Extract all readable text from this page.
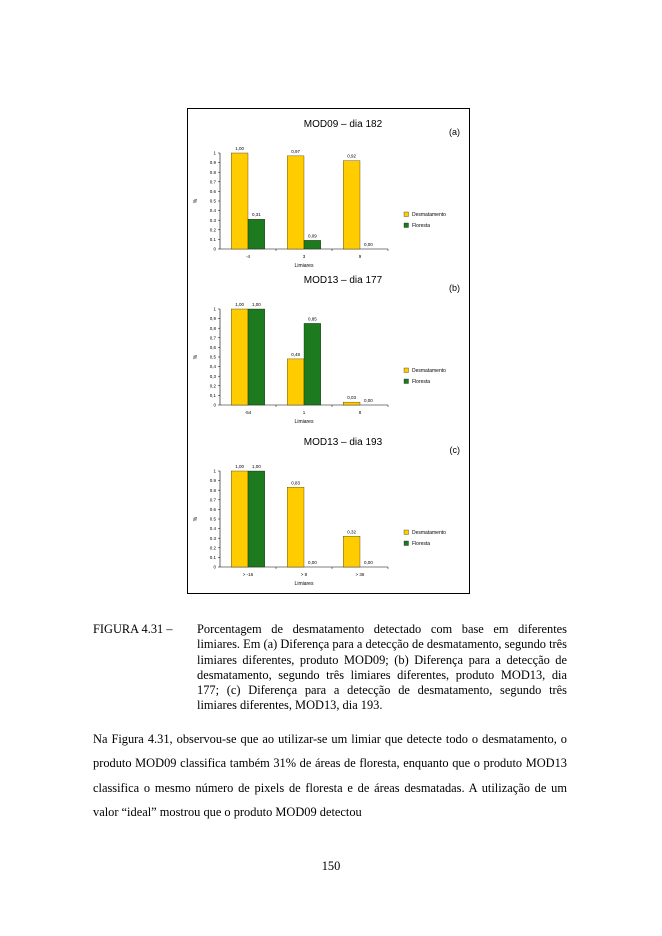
MOD09 – dia 182
(a)
0
0.1
0.2
0.3
0.4
0.5
0.6
0.7
0.8
0.9
1
%
-4
1,00
0,31
3
0,97
0,09
9
0,92
0,00
Limiares
Desmatamento
Floresta
MOD13 – dia 177
(b)
0
0,1
0,2
0,3
0,4
0,5
0,6
0,7
0,8
0,9
1
%
-54
1,00 1,00
1
0,48
0,85
8
0,03
0,00
Limiares
Desmatamento
Floresta
MOD13 – dia 193
(c)
0
0.1
0.2
0.3
0.4
0.5
0.6
0.7
0.8
0.9
1
%
> -16
1,00 1,00
> 8
0,83
0,00
> 36
0,32
0,00
Limiares
Desmatamento
Floresta
FIGURA 4.31 – Porcentagem de desmatamento detectado com base em diferentes limiares. Em (a) Diferença para a detecção de desmatamento, segundo três limiares diferentes, produto MOD09; (b) Diferença para a detecção de desmatamento, segundo três limiares diferentes, produto MOD13, dia 177; (c) Diferença para a detecção de desmatamento, segundo três limiares diferentes, MOD13, dia 193.
Na Figura 4.31, observou-se que ao utilizar-se um limiar que detecte todo o desmatamento, o produto MOD09 classifica também 31% de áreas de floresta, enquanto que o produto MOD13 classifica o mesmo número de pixels de floresta e de áreas desmatadas. A utilização de um valor “ideal” mostrou que o produto MOD09 detectou
150
